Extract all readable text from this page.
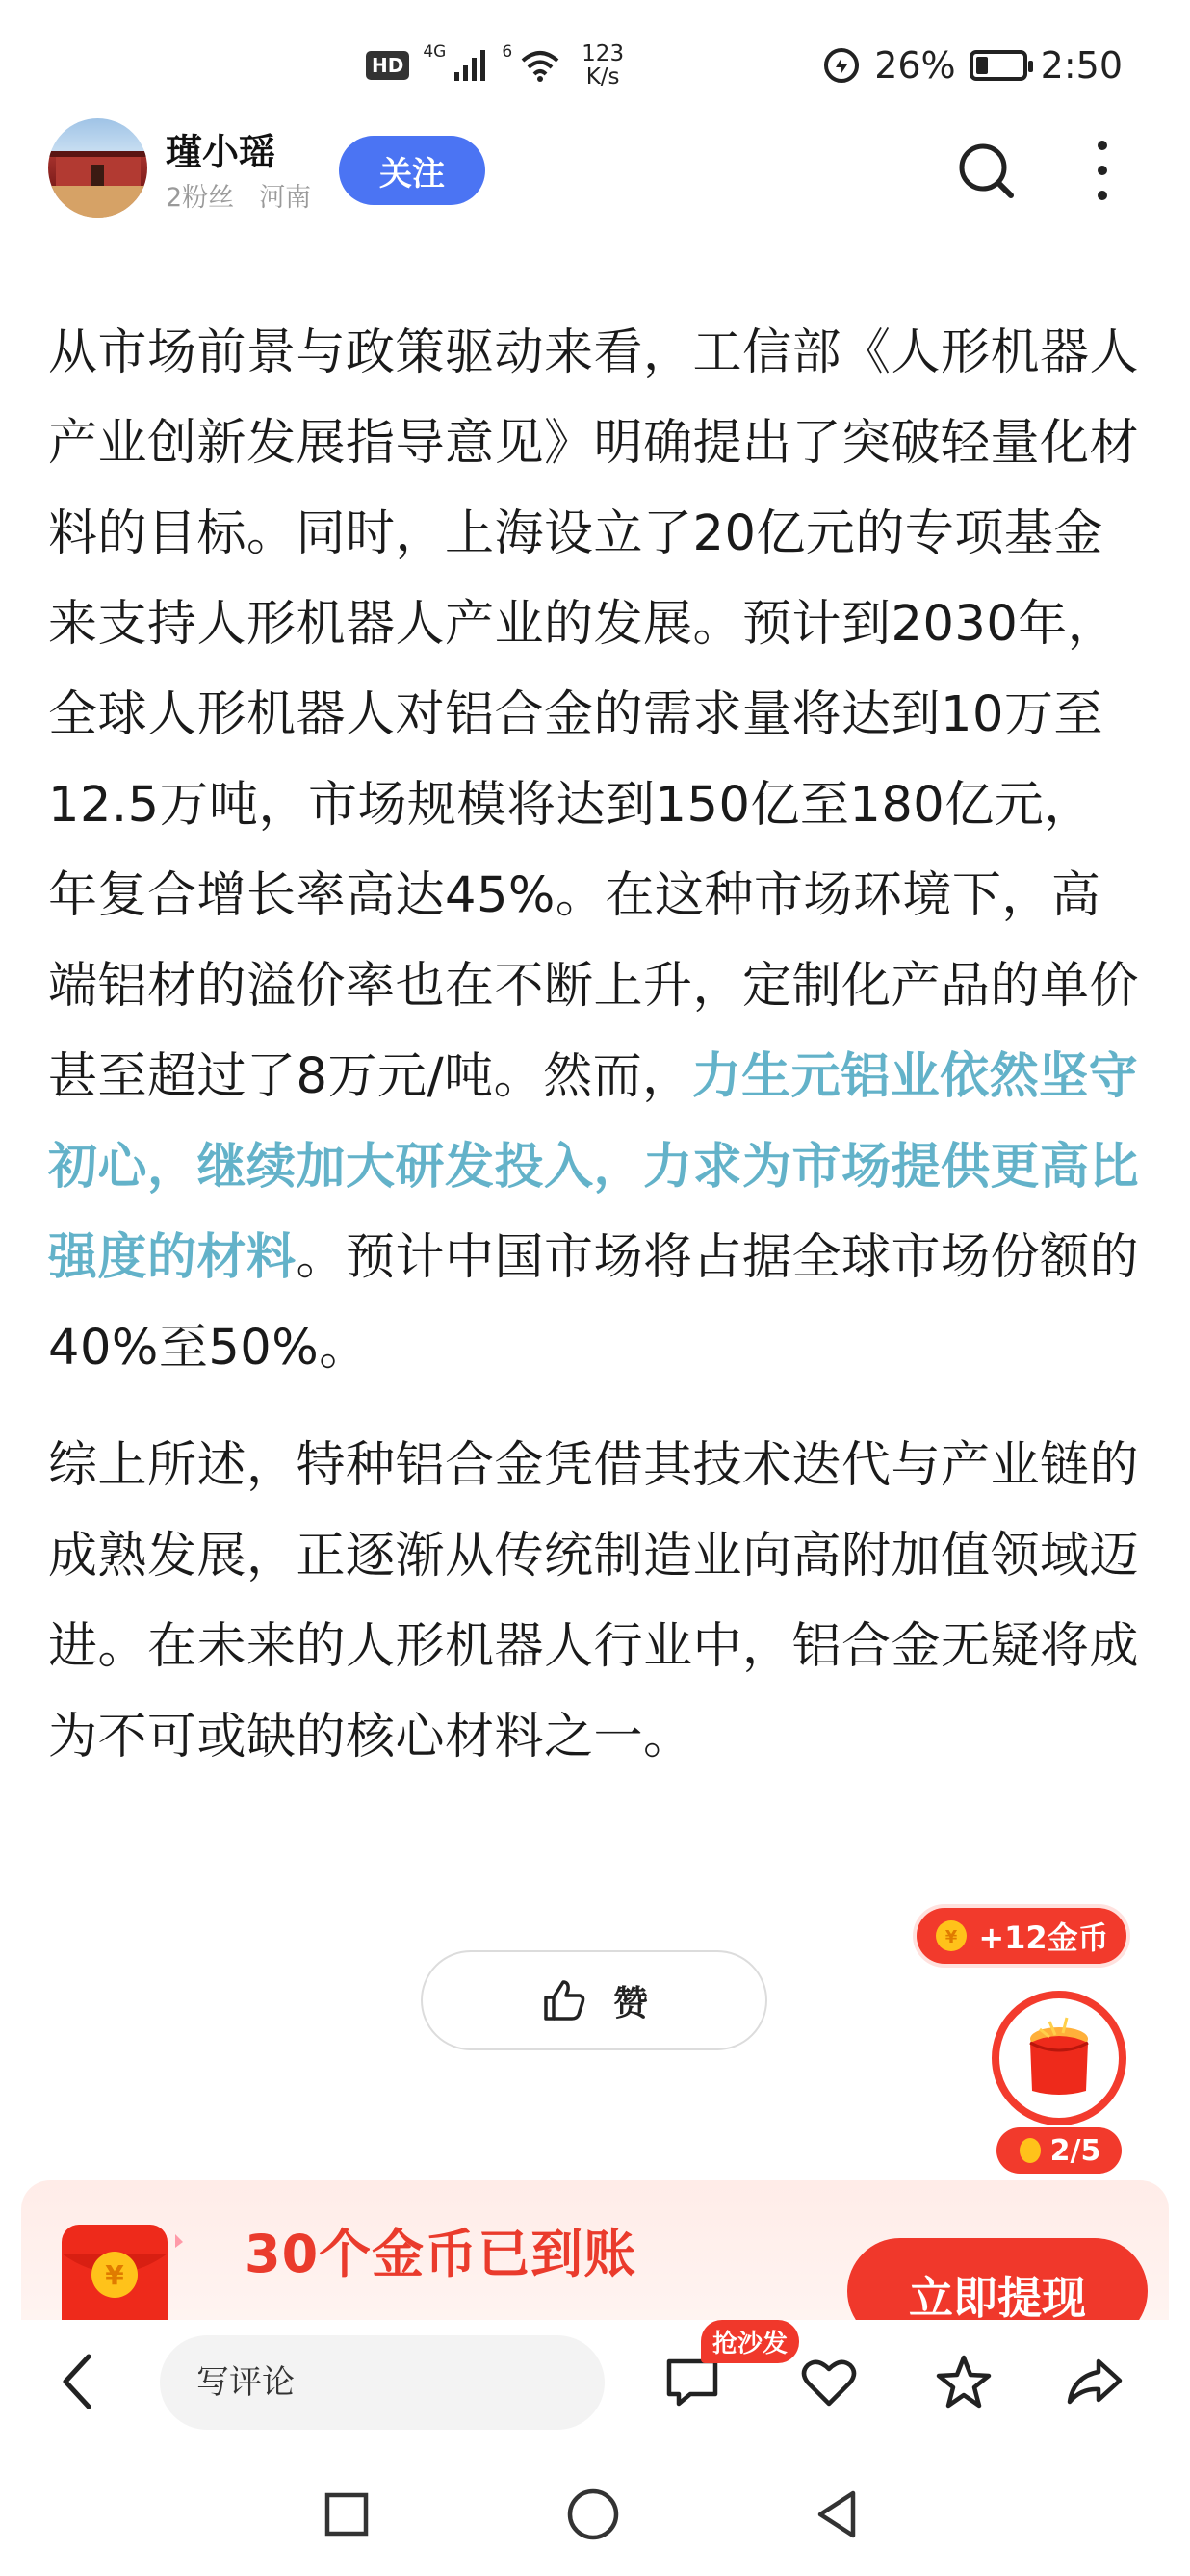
HD
4G	6	123
K/s	26% 2:50
瑾小瑶
2粉丝 河南
关注

从市场前景与政策驱动来看，工信部《人形机器人产业创新发展指导意见》明确提出了突破轻量化材料的目标。同时，上海设立了20亿元的专项基金来支持人形机器人产业的发展。预计到2030年，全球人形机器人对铝合金的需求量将达到10万至12.5万吨，市场规模将达到150亿至180亿元，年复合增长率高达45%。在这种市场环境下，高端铝材的溢价率也在不断上升，定制化产品的单价甚至超过了8万元/吨。然而，力生元铝业依然坚守初心，继续加大研发投入，力求为市场提供更高比强度的材料。预计中国市场将占据全球市场份额的40%至50%。

综上所述，特种铝合金凭借其技术迭代与产业链的成熟发展，正逐渐从传统制造业向高附加值领域迈进。在未来的人形机器人行业中，铝合金无疑将成为不可或缺的核心材料之一。

赞
¥ +12金币
2/5
¥ 30个金币已到账
立即提现
写评论
抢沙发
